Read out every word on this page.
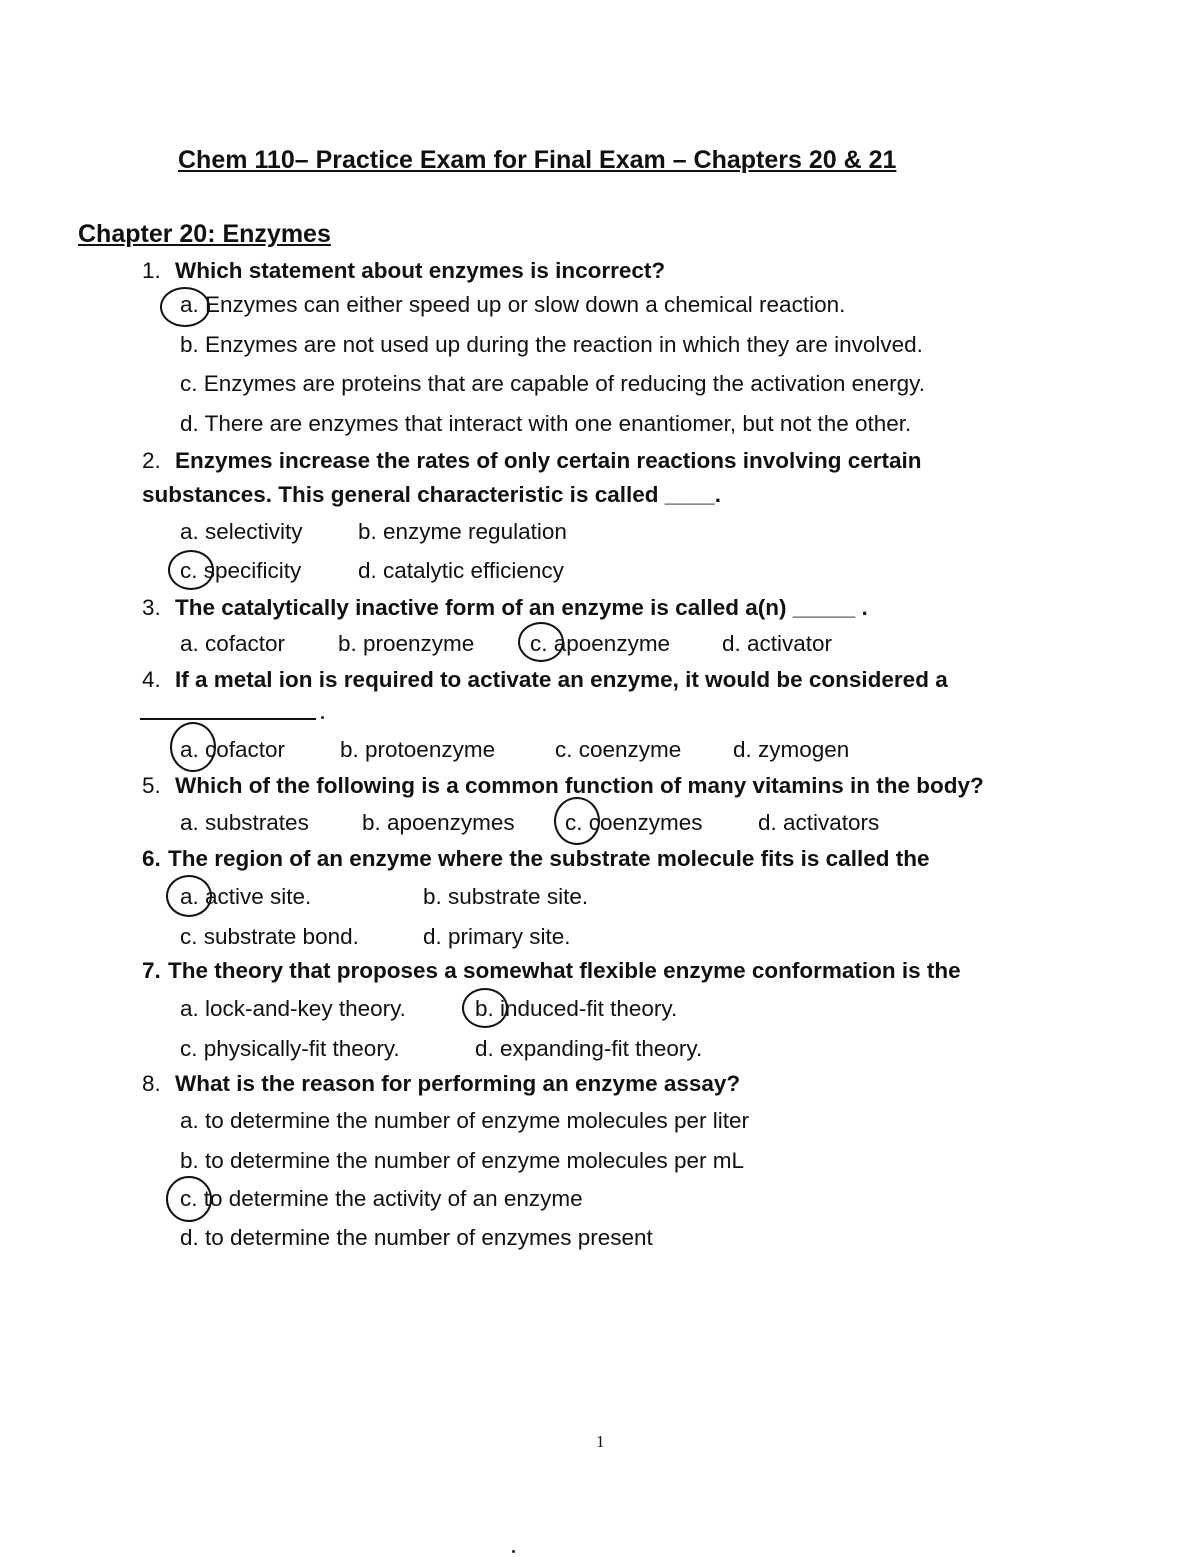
Chem 110– Practice Exam for Final Exam – Chapters 20 & 21
Chapter 20: Enzymes
1. Which statement about enzymes is incorrect?
a. Enzymes can either speed up or slow down a chemical reaction.
b. Enzymes are not used up during the reaction in which they are involved.
c. Enzymes are proteins that are capable of reducing the activation energy.
d. There are enzymes that interact with one enantiomer, but not the other.
2. Enzymes increase the rates of only certain reactions involving certain
substances. This general characteristic is called ____.
a. selectivity b. enzyme regulation
c. specificity	d. catalytic efficiency
3. The catalytically inactive form of an enzyme is called a(n) _____ .
a. cofactor b. proenzyme c. apoenzyme d. activator
4. If a metal ion is required to activate an enzyme, it would be considered a
a. cofactor b. protoenzyme	c. coenzyme d. zymogen
5. Which of the following is a common function of many vitamins in the body?
a. substrates b. apoenzymes c. coenzymes d. activators
6. The region of an enzyme where the substrate molecule fits is called the
a. active site.	b. substrate site.
c. substrate bond.	d. primary site.
7. The theory that proposes a somewhat flexible enzyme conformation is the
a. lock-and-key theory.	b. induced-fit theory.
c. physically-fit theory.	d. expanding-fit theory.
8. What is the reason for performing an enzyme assay?
a. to determine the number of enzyme molecules per liter
b. to determine the number of enzyme molecules per mL
c. to determine the activity of an enzyme
d. to determine the number of enzymes present
1
